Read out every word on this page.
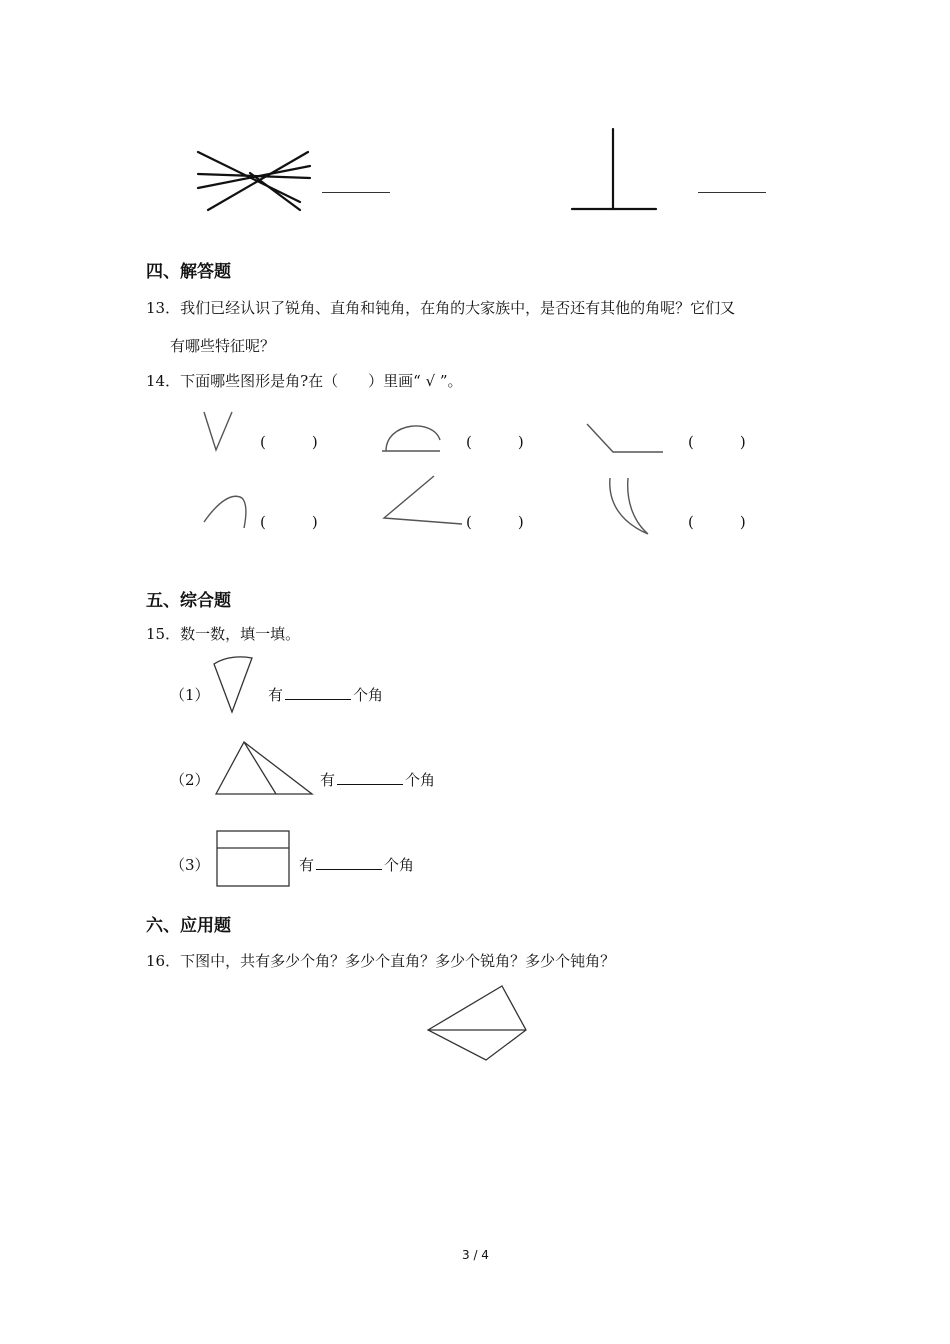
四、解答题
13．我们已经认识了锐角、直角和钝角，在角的大家族中，是否还有其他的角呢？它们又
有哪些特征呢？
14．下面哪些图形是角?在（　　）里画“ √ ”。
(	)	(	)	(	)
(	)	(	)	(	)
五、综合题
15．数一数，填一填。
（1）	有	个角
（2）	有	个角
（3）	有	个角
六、应用题
16．下图中，共有多少个角？多少个直角？多少个锐角？多少个钝角？
3 / 4
